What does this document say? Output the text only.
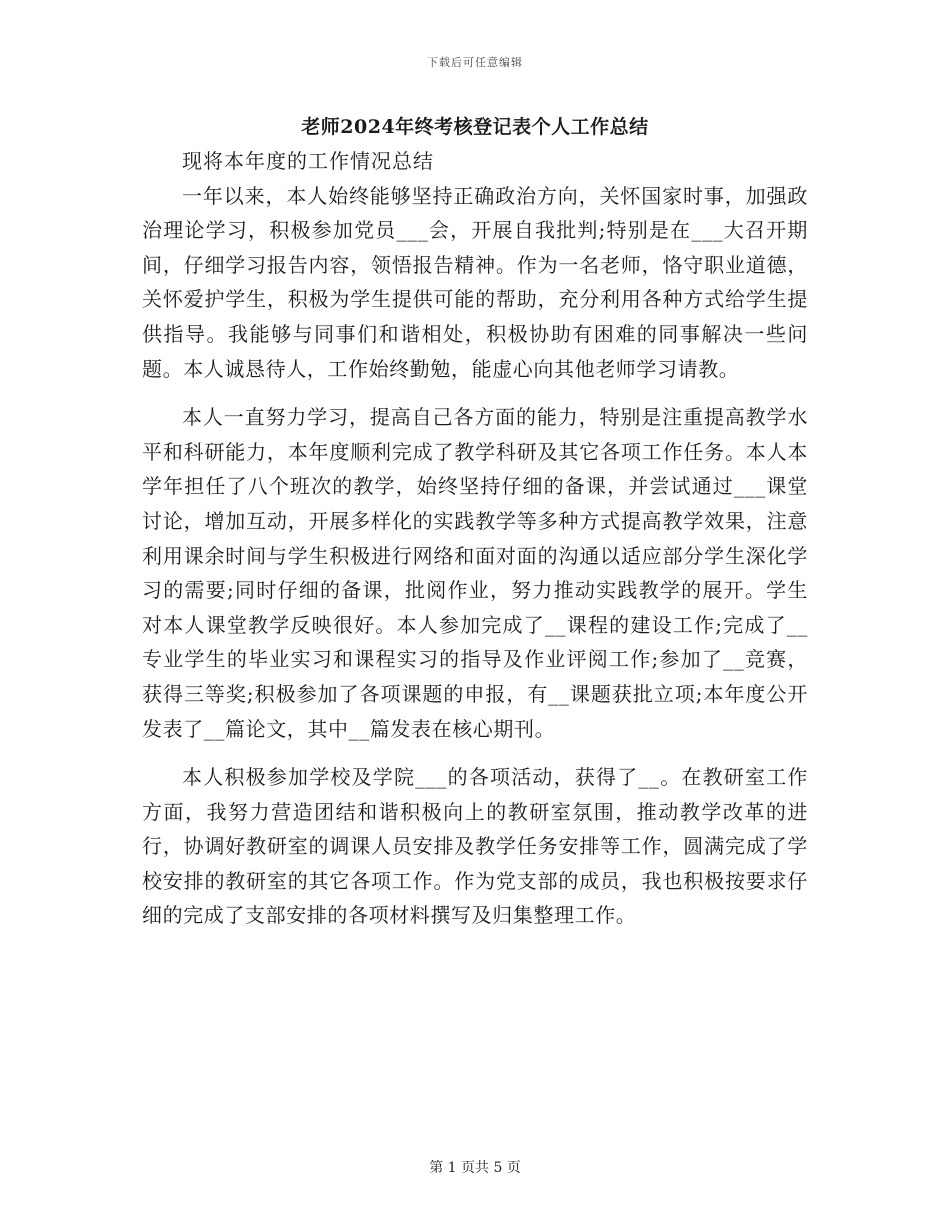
下载后可任意编辑
老师2024年终考核登记表个人工作总结

现将本年度的工作情况总结

一年以来，本人始终能够坚持正确政治方向，关怀国家时事，加强政治理论学习，积极参加党员___会，开展自我批判;特别是在___大召开期间，仔细学习报告内容，领悟报告精神。作为一名老师，恪守职业道德，关怀爱护学生，积极为学生提供可能的帮助，充分利用各种方式给学生提供指导。我能够与同事们和谐相处，积极协助有困难的同事解决一些问题。本人诚恳待人，工作始终勤勉，能虚心向其他老师学习请教。

本人一直努力学习，提高自己各方面的能力，特别是注重提高教学水平和科研能力，本年度顺利完成了教学科研及其它各项工作任务。本人本学年担任了八个班次的教学，始终坚持仔细的备课，并尝试通过___课堂讨论，增加互动，开展多样化的实践教学等多种方式提高教学效果，注意利用课余时间与学生积极进行网络和面对面的沟通以适应部分学生深化学习的需要;同时仔细的备课，批阅作业，努力推动实践教学的展开。学生对本人课堂教学反映很好。本人参加完成了__课程的建设工作;完成了__专业学生的毕业实习和课程实习的指导及作业评阅工作;参加了__竞赛，获得三等奖;积极参加了各项课题的申报，有__课题获批立项;本年度公开发表了__篇论文，其中__篇发表在核心期刊。

本人积极参加学校及学院___的各项活动，获得了__。在教研室工作方面，我努力营造团结和谐积极向上的教研室氛围，推动教学改革的进行，协调好教研室的调课人员安排及教学任务安排等工作，圆满完成了学校安排的教研室的其它各项工作。作为党支部的成员，我也积极按要求仔细的完成了支部安排的各项材料撰写及归集整理工作。

第 1 页共 5 页
